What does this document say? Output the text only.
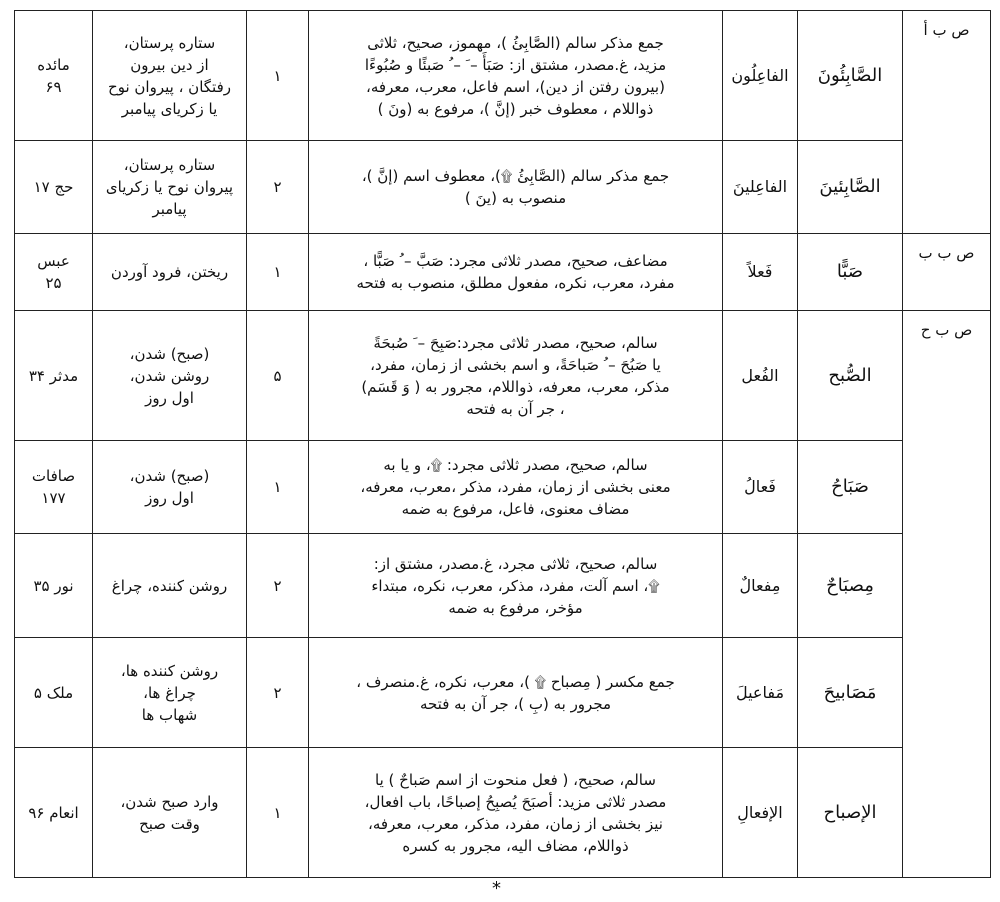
ص ب أ	الصَّابِئُونَ	الفاعِلُون	جمع مذکر سالم (الصَّابِئُ )، مهموز، صحیح، ثلاثی
مزید، غ.مصدر، مشتق از: صَبَأَ – َ – ُ صَبئًا و صُبُوءًا
(بیرون رفتن از دین)، اسم فاعل، معرب، معرفه،
ذواللام ، معطوف خبر (إنَّ )، مرفوع به (ونَ )	۱	ستاره پرستان،
از دین بیرون
رفتگان ، پیروان نوح
یا زکریای پیامبر	مائده
۶۹

	الصَّابِئينَ	الفاعِلینَ	جمع مذکر سالم (الصَّابِئُ ۩)، معطوف اسم (إنَّ )،
منصوب به (ینَ )	۲	ستاره پرستان،
پیروان نوح یا زکریای
پیامبر	حج ۱۷

ص ب ب	صَبًّا	فَعلاً	مضاعف، صحیح، مصدر ثلاثی مجرد: صَبَّ – ُ صَبًّا ،
مفرد، معرب، نکره، مفعول مطلق، منصوب به فتحه	۱	ریختن، فرود آوردن	عبس
۲۵

ص ب ح	الصُّبح	الفُعل	سالم، صحیح، مصدر ثلاثی مجرد:صَبِحَ – َ صُبحَةً
یا صَبُحَ – ُ صَباحَةً، و اسم بخشی از زمان، مفرد،
مذکر، معرب، معرفه، ذواللام، مجرور به ( وَ قَسَم)
، جر آن به فتحه	۵	(صبح) شدن،
روشن شدن،
اول روز	مدثر ۳۴

	صَبَاحُ	فَعالُ	سالم، صحیح، مصدر ثلاثی مجرد: ۩، و یا به
معنی بخشی از زمان، مفرد، مذکر ،معرب، معرفه،
مضاف معنوی، فاعل، مرفوع به ضمه	۱	(صبح) شدن،
اول روز	صافات
۱۷۷

	مِصبَاحٌ	مِفعالٌ	سالم، صحیح، ثلاثی مجرد، غ.مصدر، مشتق از:
۩، اسم آلت، مفرد، مذکر، معرب، نکره، مبتداء
مؤخر، مرفوع به ضمه	۲	روشن کننده، چراغ	نور ۳۵

	مَصَابیحَ	مَفاعیلَ	جمع مکسر ( مِصباح ۩ )، معرب، نکره، غ.منصرف ،
مجرور به (بِ )، جر آن به فتحه	۲	روشن کننده ها،
چراغ ها،
شهاب ها	ملک ۵

	الإصباح	الإفعالِ	سالم، صحیح، ( فعل منحوت از اسم صَباحٌ ) یا
مصدر ثلاثی مزید: أصبَحَ یُصبِحُ إصباحًا، باب افعال،
نیز بخشی از زمان، مفرد، مذکر، معرب، معرفه،
ذواللام، مضاف الیه، مجرور به کسره	۱	وارد صبح شدن،
وقت صبح	انعام ۹۶
*
